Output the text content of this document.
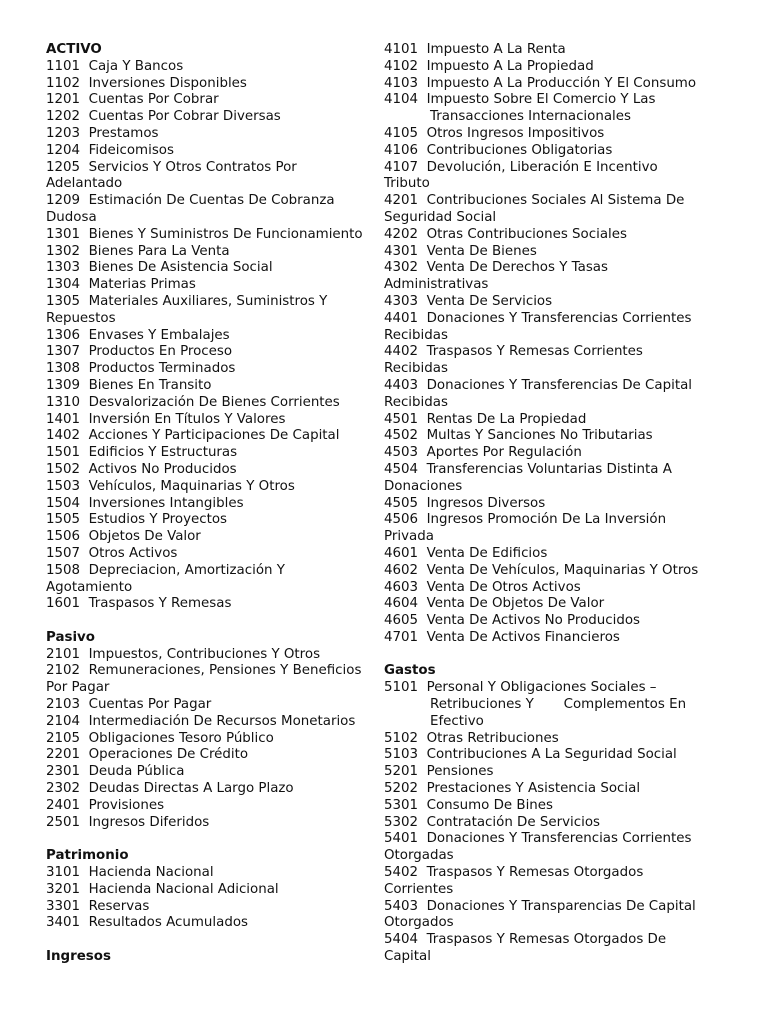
ACTIVO
1101  Caja Y Bancos
1102  Inversiones Disponibles
1201  Cuentas Por Cobrar
1202  Cuentas Por Cobrar Diversas
1203  Prestamos
1204  Fideicomisos
1205  Servicios Y Otros Contratos Por
Adelantado
1209  Estimación De Cuentas De Cobranza
Dudosa
1301  Bienes Y Suministros De Funcionamiento
1302  Bienes Para La Venta
1303  Bienes De Asistencia Social
1304  Materias Primas
1305  Materiales Auxiliares, Suministros Y
Repuestos
1306  Envases Y Embalajes
1307  Productos En Proceso
1308  Productos Terminados
1309  Bienes En Transito
1310  Desvalorización De Bienes Corrientes
1401  Inversión En Títulos Y Valores
1402  Acciones Y Participaciones De Capital
1501  Edificios Y Estructuras
1502  Activos No Producidos
1503  Vehículos, Maquinarias Y Otros
1504  Inversiones Intangibles
1505  Estudios Y Proyectos
1506  Objetos De Valor
1507  Otros Activos
1508  Depreciacion, Amortización Y
Agotamiento
1601  Traspasos Y Remesas
Pasivo
2101  Impuestos, Contribuciones Y Otros
2102  Remuneraciones, Pensiones Y Beneficios
Por Pagar
2103  Cuentas Por Pagar
2104  Intermediación De Recursos Monetarios
2105  Obligaciones Tesoro Público
2201  Operaciones De Crédito
2301  Deuda Pública
2302  Deudas Directas A Largo Plazo
2401  Provisiones
2501  Ingresos Diferidos
Patrimonio
3101  Hacienda Nacional
3201  Hacienda Nacional Adicional
3301  Reservas
3401  Resultados Acumulados
Ingresos
4101  Impuesto A La Renta
4102  Impuesto A La Propiedad
4103  Impuesto A La Producción Y El Consumo
4104  Impuesto Sobre El Comercio Y Las
Transacciones Internacionales
4105  Otros Ingresos Impositivos
4106  Contribuciones Obligatorias
4107  Devolución, Liberación E Incentivo
Tributo
4201  Contribuciones Sociales Al Sistema De
Seguridad Social
4202  Otras Contribuciones Sociales
4301  Venta De Bienes
4302  Venta De Derechos Y Tasas
Administrativas
4303  Venta De Servicios
4401  Donaciones Y Transferencias Corrientes
Recibidas
4402  Traspasos Y Remesas Corrientes
Recibidas
4403  Donaciones Y Transferencias De Capital
Recibidas
4501  Rentas De La Propiedad
4502  Multas Y Sanciones No Tributarias
4503  Aportes Por Regulación
4504  Transferencias Voluntarias Distinta A
Donaciones
4505  Ingresos Diversos
4506  Ingresos Promoción De La Inversión
Privada
4601  Venta De Edificios
4602  Venta De Vehículos, Maquinarias Y Otros
4603  Venta De Otros Activos
4604  Venta De Objetos De Valor
4605  Venta De Activos No Producidos
4701  Venta De Activos Financieros
Gastos
5101  Personal Y Obligaciones Sociales –
Retribuciones Y       Complementos En
Efectivo
5102  Otras Retribuciones
5103  Contribuciones A La Seguridad Social
5201  Pensiones
5202  Prestaciones Y Asistencia Social
5301  Consumo De Bines
5302  Contratación De Servicios
5401  Donaciones Y Transferencias Corrientes
Otorgadas
5402  Traspasos Y Remesas Otorgados
Corrientes
5403  Donaciones Y Transparencias De Capital
Otorgados
5404  Traspasos Y Remesas Otorgados De
Capital
